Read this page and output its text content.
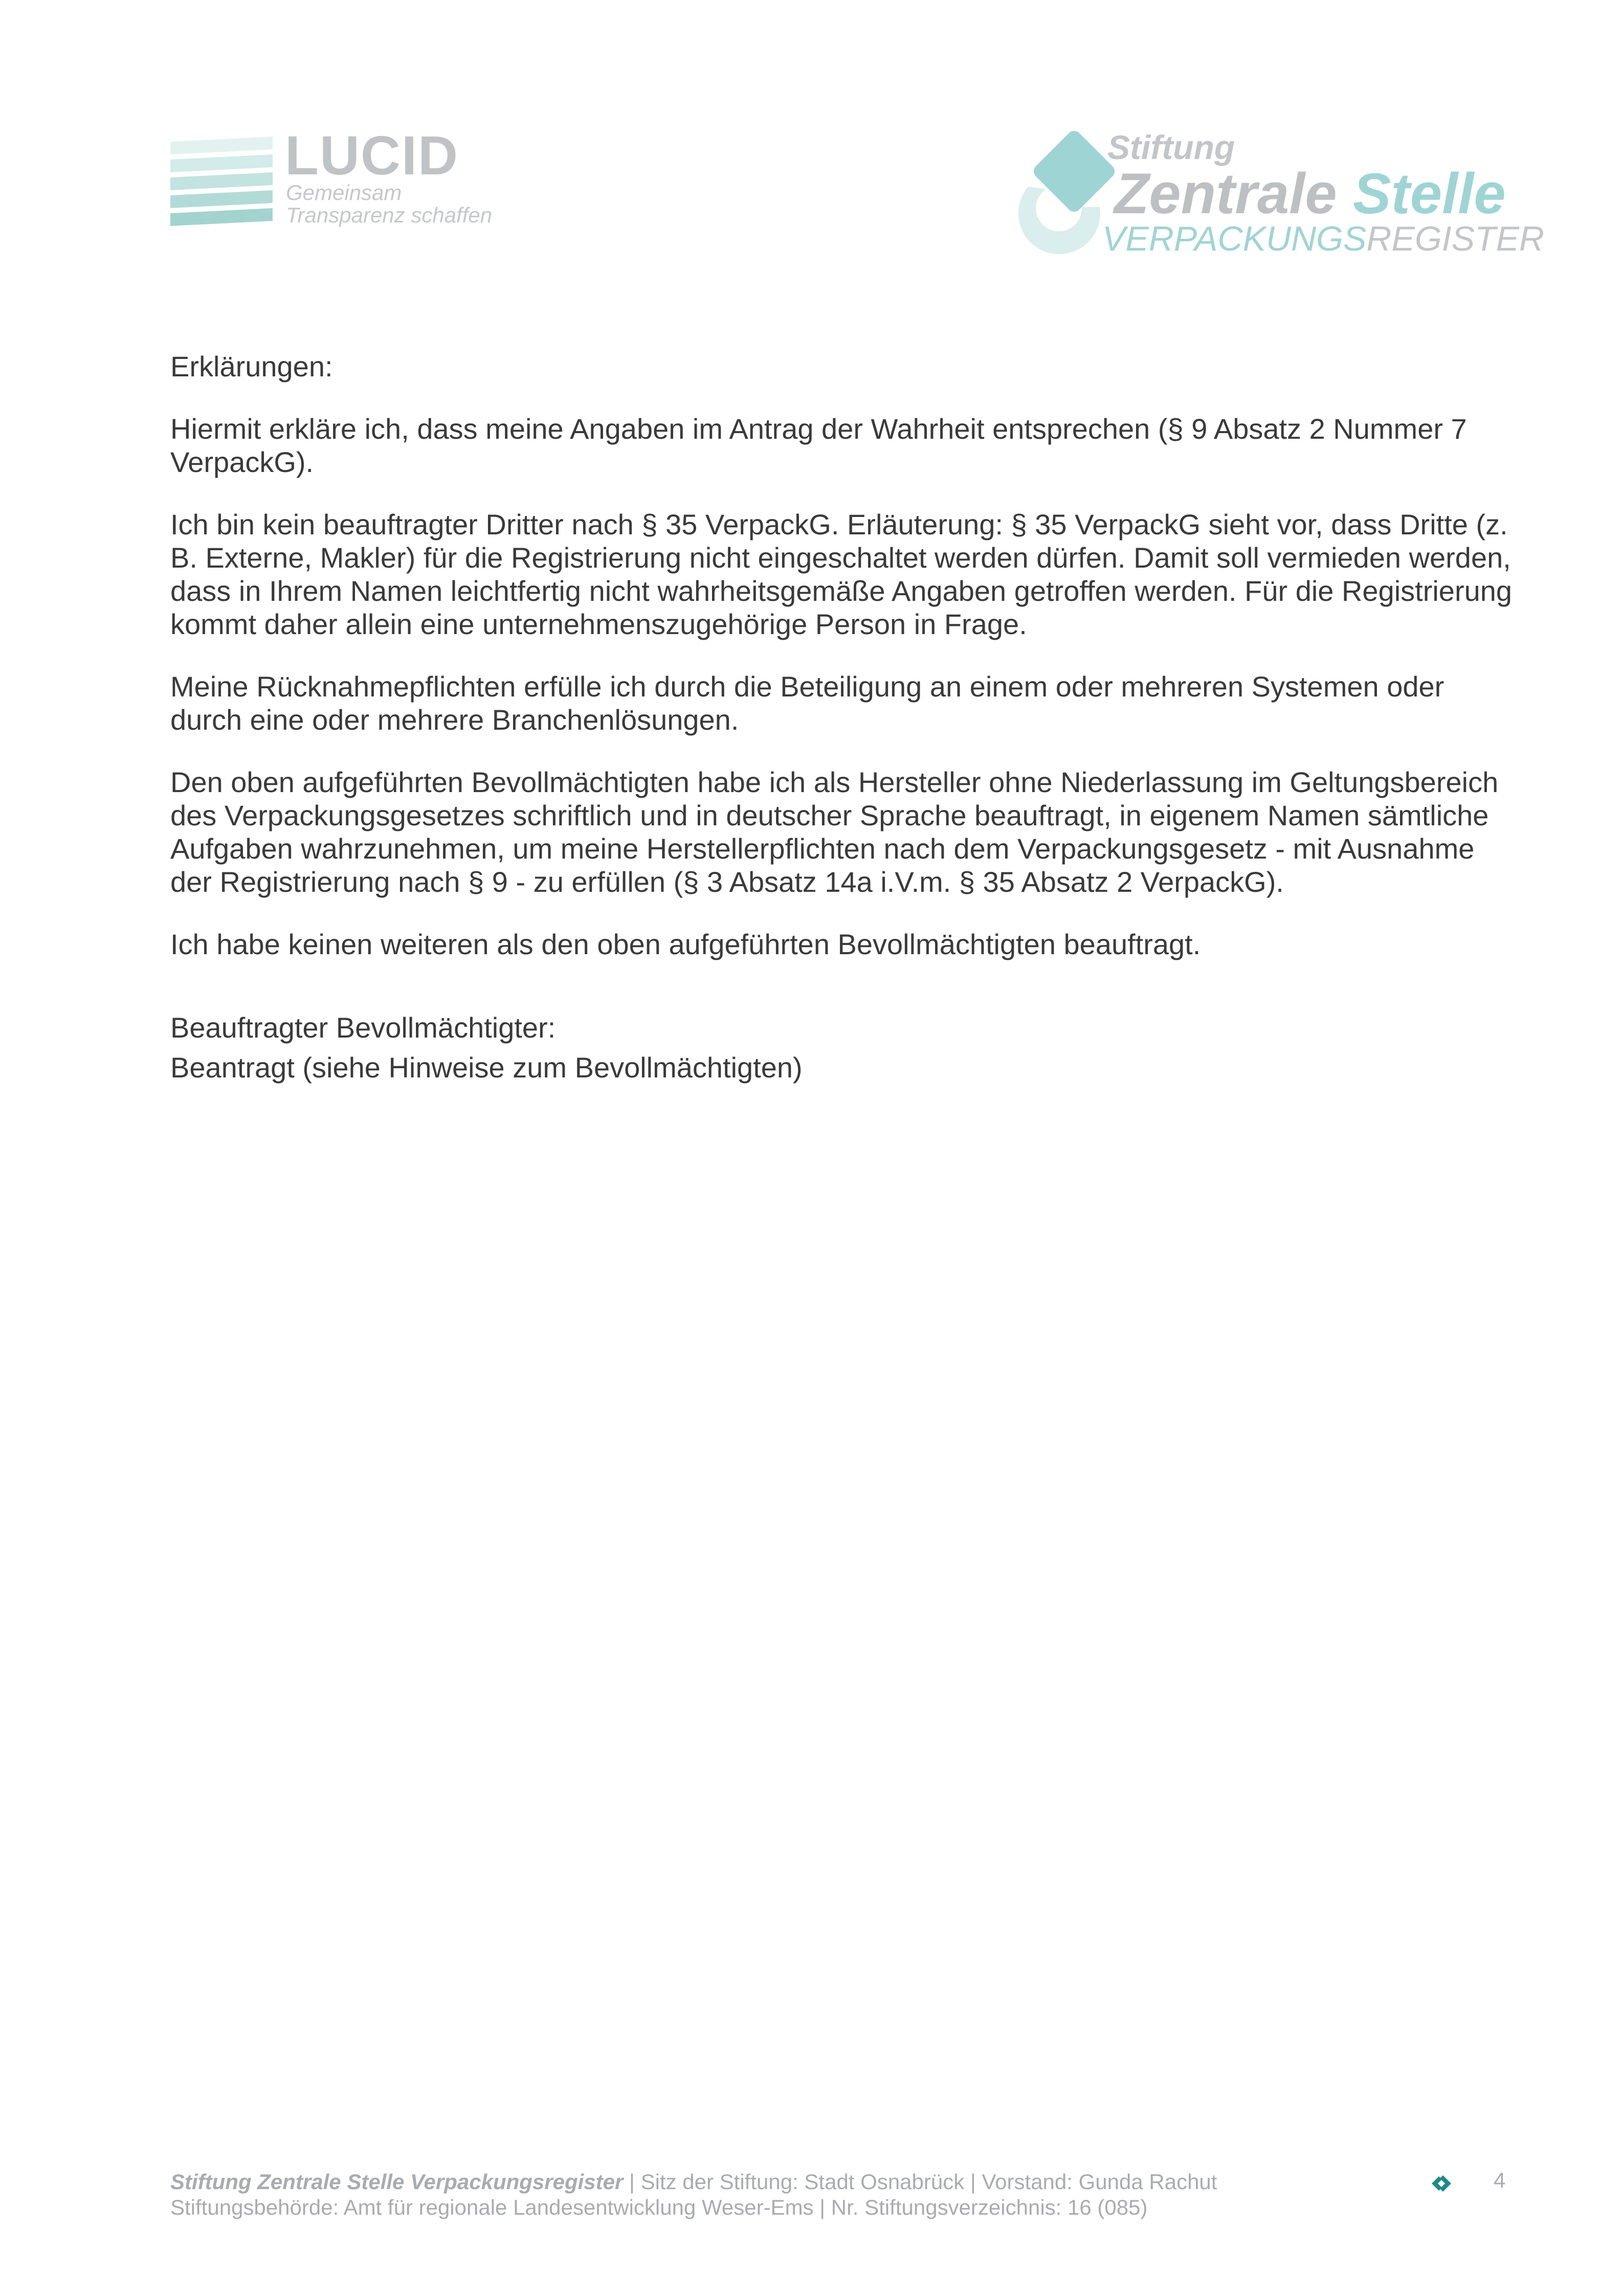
LUCID
Gemeinsam
Transparenz schaffen
Stiftung
Zentrale Stelle
VERPACKUNGSREGISTER

Erklärungen:

Hiermit erkläre ich, dass meine Angaben im Antrag der Wahrheit entsprechen (§ 9 Absatz 2 Nummer 7 VerpackG).

Ich bin kein beauftragter Dritter nach § 35 VerpackG. Erläuterung: § 35 VerpackG sieht vor, dass Dritte (z. B. Externe, Makler) für die Registrierung nicht eingeschaltet werden dürfen. Damit soll vermieden werden, dass in Ihrem Namen leichtfertig nicht wahrheitsgemäße Angaben getroffen werden. Für die Registrierung kommt daher allein eine unternehmenszugehörige Person in Frage.

Meine Rücknahmepflichten erfülle ich durch die Beteiligung an einem oder mehreren Systemen oder durch eine oder mehrere Branchenlösungen.

Den oben aufgeführten Bevollmächtigten habe ich als Hersteller ohne Niederlassung im Geltungsbereich des Verpackungsgesetzes schriftlich und in deutscher Sprache beauftragt, in eigenem Namen sämtliche Aufgaben wahrzunehmen, um meine Herstellerpflichten nach dem Verpackungsgesetz - mit Ausnahme der Registrierung nach § 9 - zu erfüllen (§ 3 Absatz 14a i.V.m. § 35 Absatz 2 VerpackG).

Ich habe keinen weiteren als den oben aufgeführten Bevollmächtigten beauftragt.

Beauftragter Bevollmächtigter:

Beantragt (siehe Hinweise zum Bevollmächtigten)

Stiftung Zentrale Stelle Verpackungsregister | Sitz der Stiftung: Stadt Osnabrück | Vorstand: Gunda Rachut
Stiftungsbehörde: Amt für regionale Landesentwicklung Weser-Ems | Nr. Stiftungsverzeichnis: 16 (085)
4
